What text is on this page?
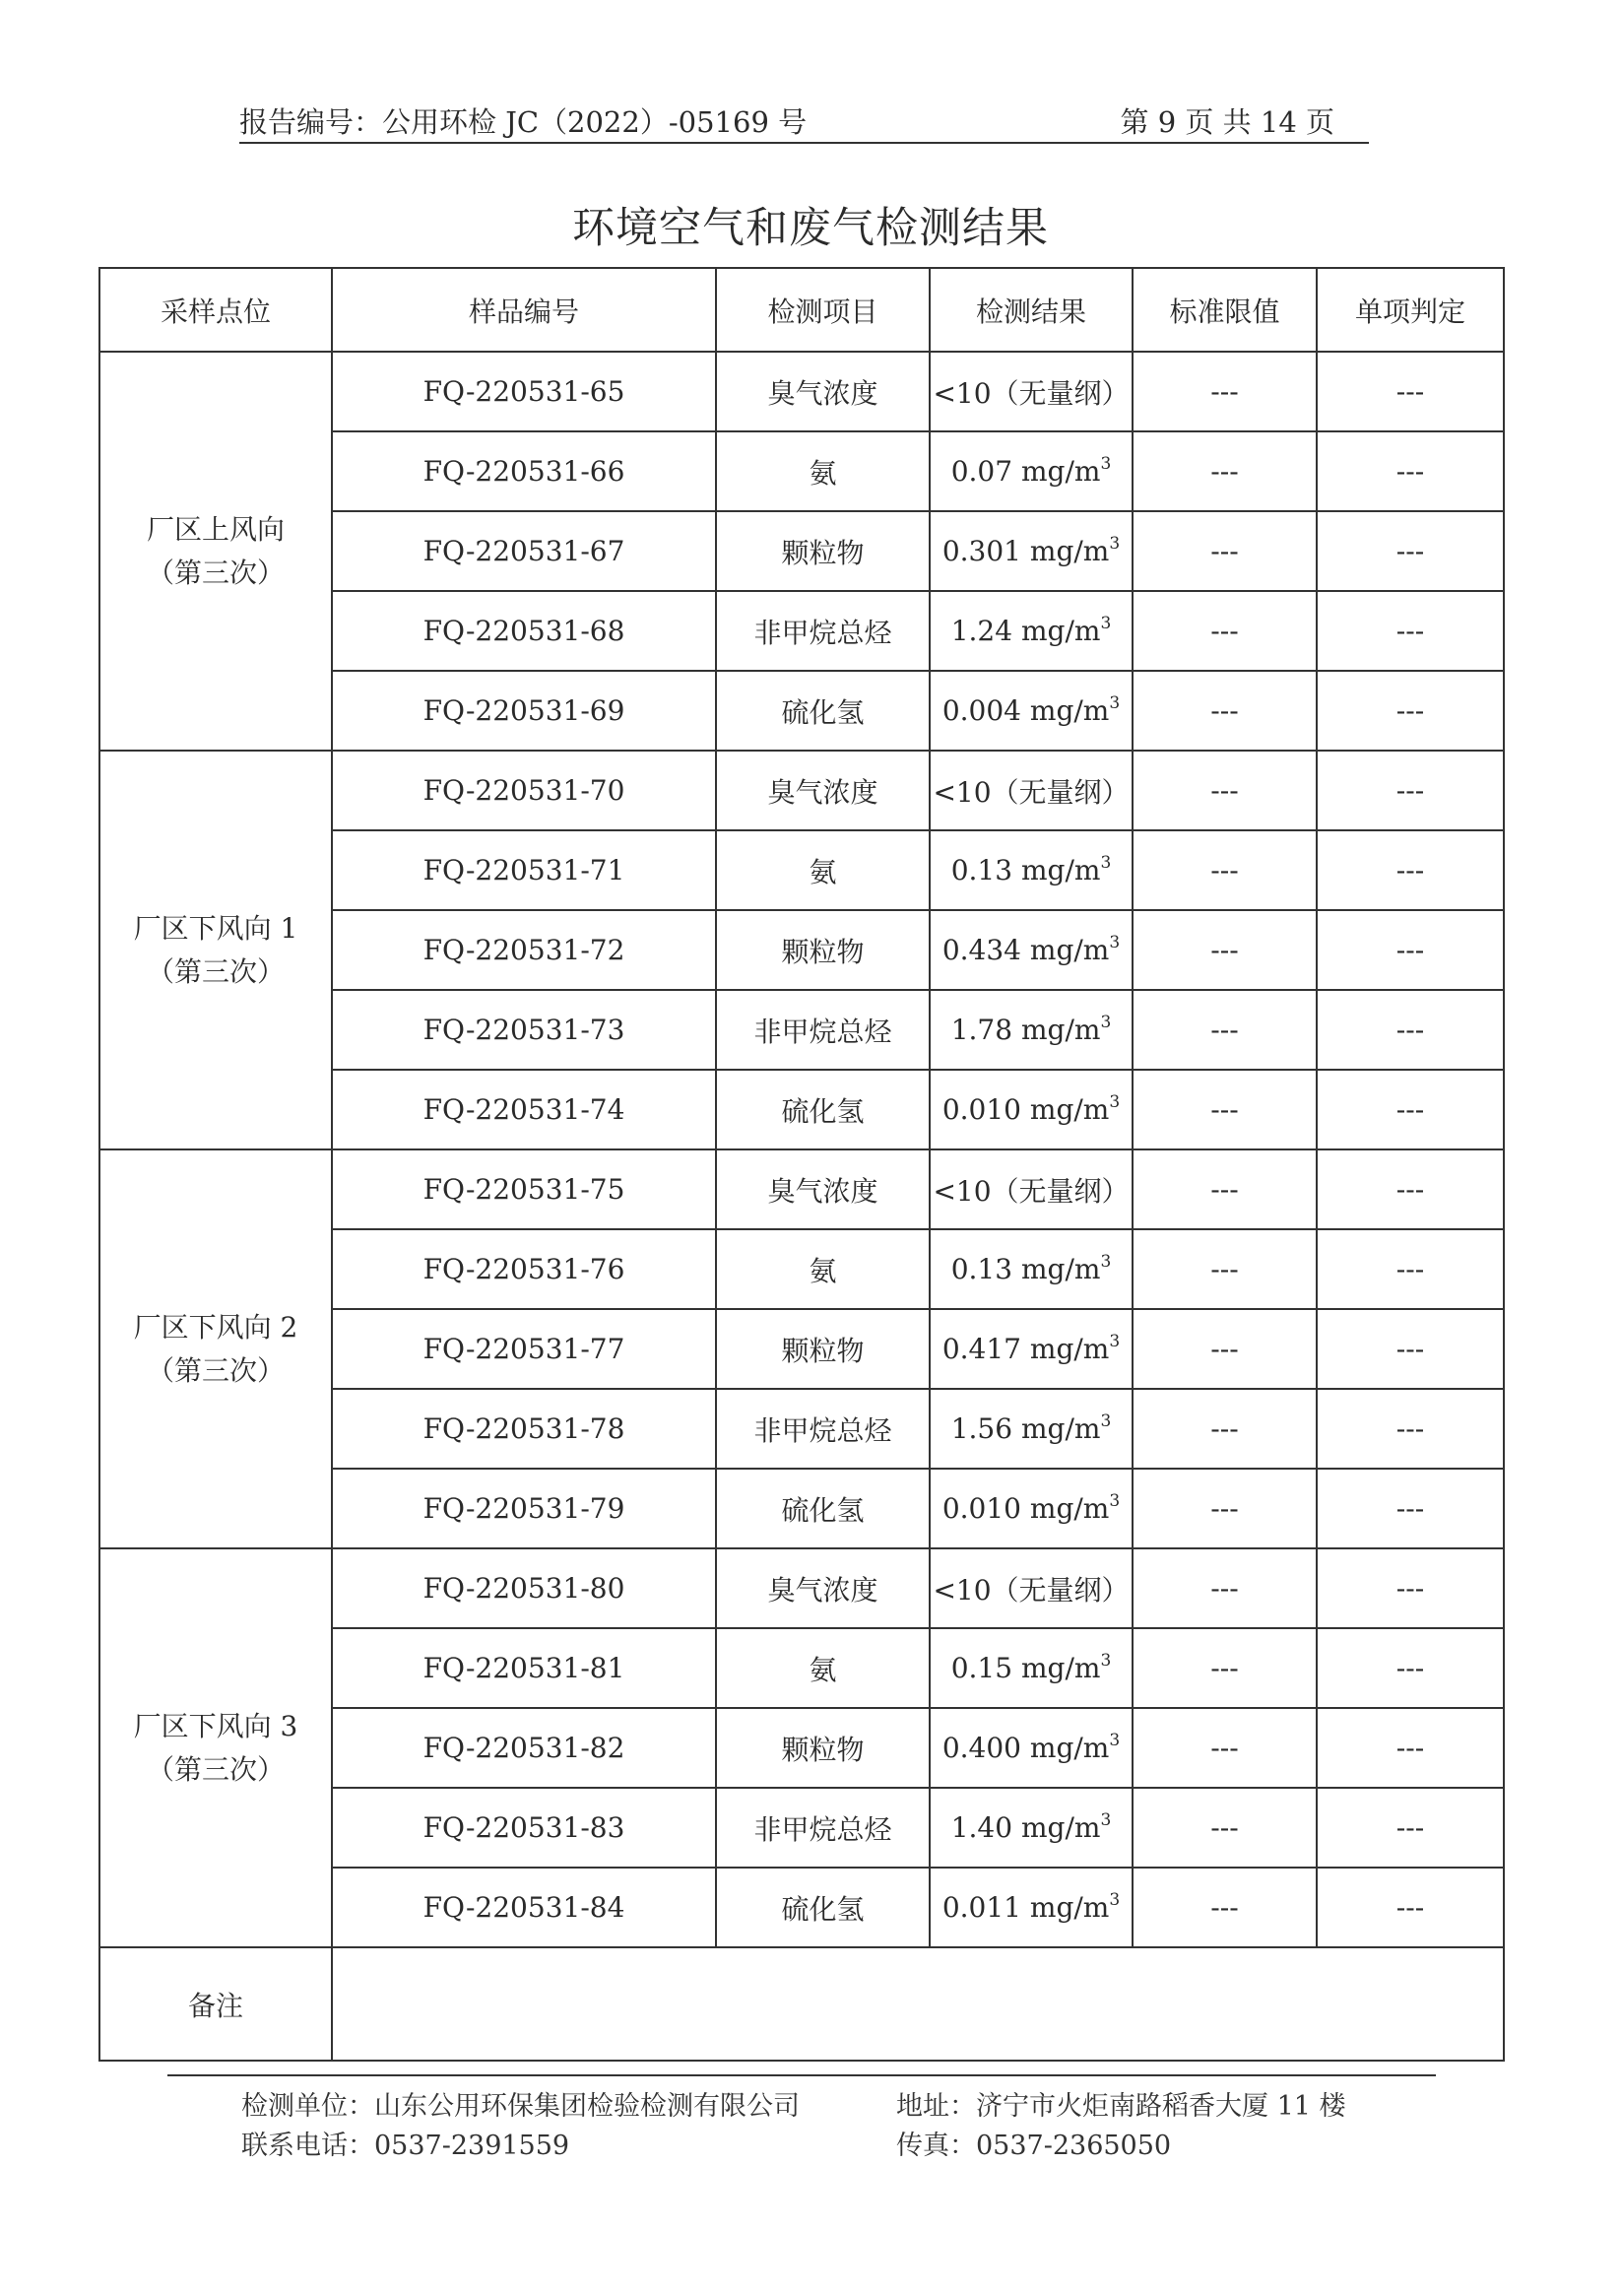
报告编号：公用环检 JC（2022）-05169 号	第 9 页 共 14 页
环境空气和废气检测结果
采样点位	样品编号	检测项目	检测结果	标准限值	单项判定

厂区上风向
（第三次）	FQ-220531-65	臭气浓度	<10（无量纲）	---	---
	FQ-220531-66	氨	0.07 $mg/m^3$	---	---
	FQ-220531-67	颗粒物	0.301 $mg/m^3$	---	---
	FQ-220531-68	非甲烷总烃	1.24 $mg/m^3$	---	---
	FQ-220531-69	硫化氢	0.004 $mg/m^3$	---	---

厂区下风向 1
（第三次）	FQ-220531-70	臭气浓度	<10（无量纲）	---	---
	FQ-220531-71	氨	0.13 $mg/m^3$	---	---
	FQ-220531-72	颗粒物	0.434 $mg/m^3$	---	---
	FQ-220531-73	非甲烷总烃	1.78 $mg/m^3$	---	---
	FQ-220531-74	硫化氢	0.010 $mg/m^3$	---	---

厂区下风向 2
（第三次）	FQ-220531-75	臭气浓度	<10（无量纲）	---	---
	FQ-220531-76	氨	0.13 $mg/m^3$	---	---
	FQ-220531-77	颗粒物	0.417 $mg/m^3$	---	---
	FQ-220531-78	非甲烷总烃	1.56 $mg/m^3$	---	---
	FQ-220531-79	硫化氢	0.010 $mg/m^3$	---	---

厂区下风向 3
（第三次）	FQ-220531-80	臭气浓度	<10（无量纲）	---	---
	FQ-220531-81	氨	0.15 $mg/m^3$	---	---
	FQ-220531-82	颗粒物	0.400 $mg/m^3$	---	---
	FQ-220531-83	非甲烷总烃	1.40 $mg/m^3$	---	---
	FQ-220531-84	硫化氢	0.011 $mg/m^3$	---	---
备注					
检测单位：山东公用环保集团检验检测有限公司	地址：济宁市火炬南路稻香大厦 11 楼
联系电话：0537-2391559	传真：0537-2365050
